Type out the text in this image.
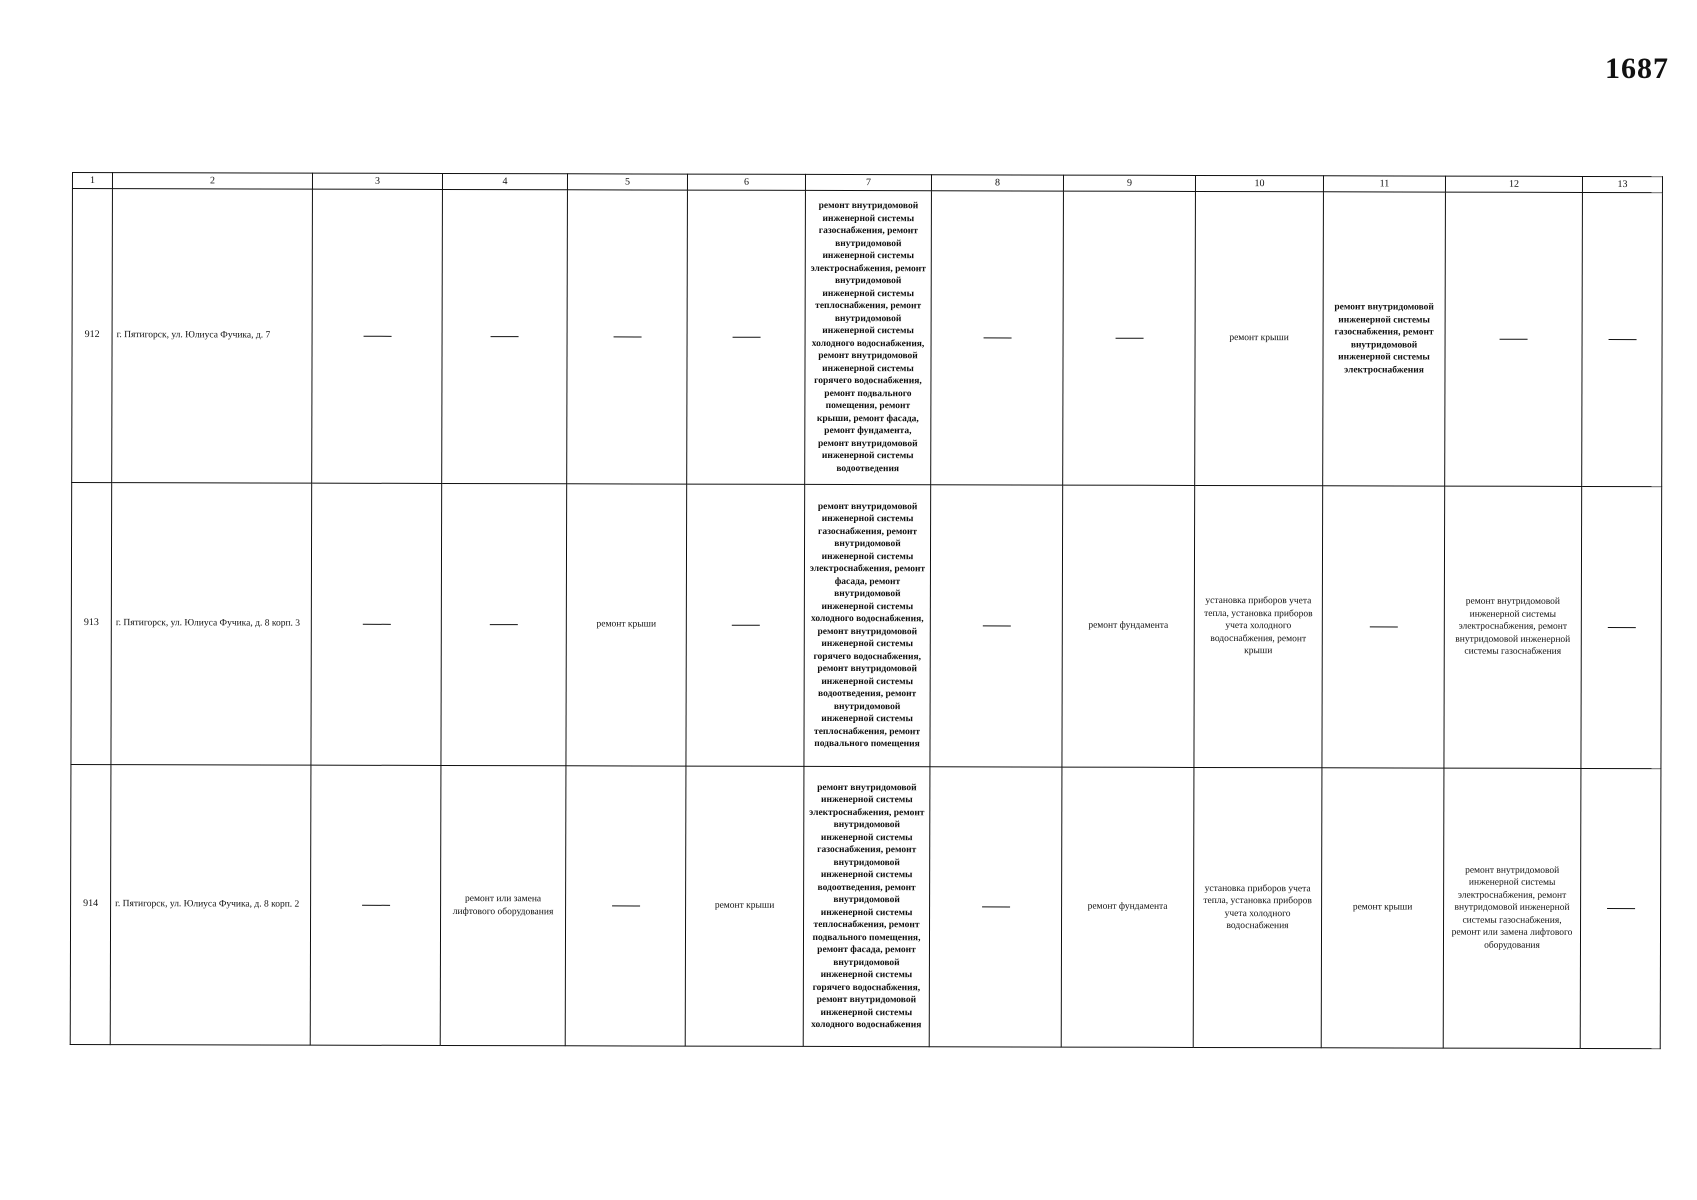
1687
1	2	3	4	5	6	7	8	9	10	11	12	13
912	г. Пятигорск, ул. Юлиуса Фучика, д. 7					ремонт внутридомовой инженерной системы газоснабжения, ремонт внутридомовой инженерной системы электроснабжения, ремонт внутридомовой инженерной системы теплоснабжения, ремонт внутридомовой инженерной системы холодного водоснабжения, ремонт внутридомовой инженерной системы горячего водоснабжения, ремонт подвального помещения, ремонт крыши, ремонт фасада, ремонт фундамента, ремонт внутридомовой инженерной системы водоотведения			ремонт крыши	ремонт внутридомовой инженерной системы газоснабжения, ремонт внутридомовой инженерной системы электроснабжения		
913	г. Пятигорск, ул. Юлиуса Фучика, д. 8 корп. 3			ремонт крыши		ремонт внутридомовой инженерной системы газоснабжения, ремонт внутридомовой инженерной системы электроснабжения, ремонт фасада, ремонт внутридомовой инженерной системы холодного водоснабжения, ремонт внутридомовой инженерной системы горячего водоснабжения, ремонт внутридомовой инженерной системы водоотведения, ремонт внутридомовой инженерной системы теплоснабжения, ремонт подвального помещения		ремонт фундамента	установка приборов учета тепла, установка приборов учета холодного водоснабжения, ремонт крыши		ремонт внутридомовой инженерной системы электроснабжения, ремонт внутридомовой инженерной системы газоснабжения	
914	г. Пятигорск, ул. Юлиуса Фучика, д. 8 корп. 2		ремонт или замена лифтового оборудования		ремонт крыши	ремонт внутридомовой инженерной системы электроснабжения, ремонт внутридомовой инженерной системы газоснабжения, ремонт внутридомовой инженерной системы водоотведения, ремонт внутридомовой инженерной системы теплоснабжения, ремонт подвального помещения, ремонт фасада, ремонт внутридомовой инженерной системы горячего водоснабжения, ремонт внутридомовой инженерной системы холодного водоснабжения		ремонт фундамента	установка приборов учета тепла, установка приборов учета холодного водоснабжения	ремонт крыши	ремонт внутридомовой инженерной системы электроснабжения, ремонт внутридомовой инженерной системы газоснабжения, ремонт или замена лифтового оборудования	
